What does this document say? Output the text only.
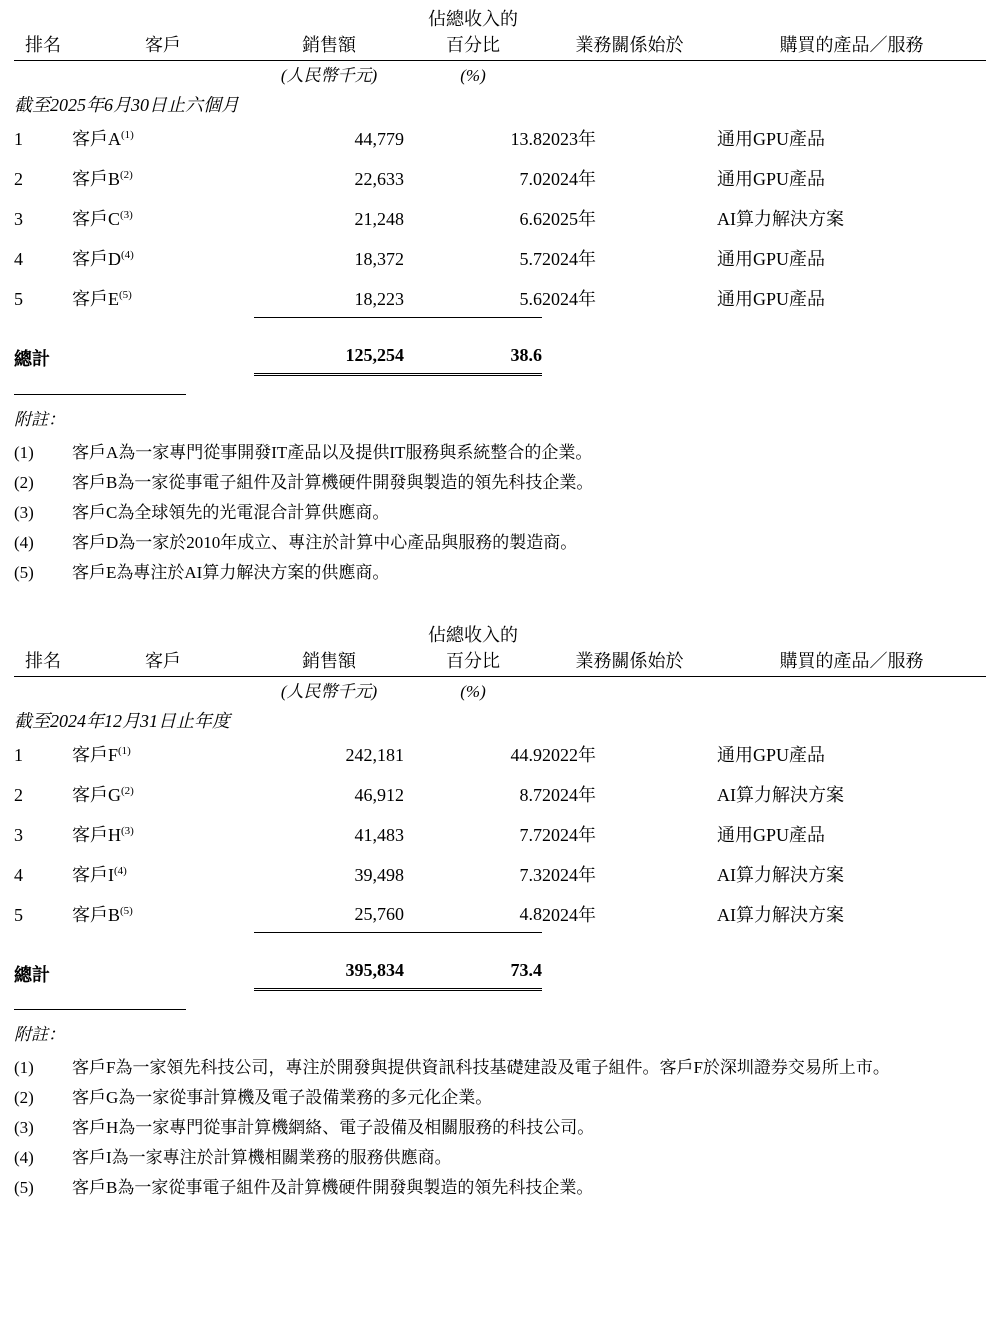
			佔總收入的		
排名	客戶	銷售額	百分比	業務關係始於	購買的產品／服務
		(人民幣千元)	(%)		
截至2025年6月30日止六個月					
1	客戶$A^{(1)}$	44,779	13.8	2023年	通用GPU產品
2	客戶$B^{(2)}$	22,633	7.0	2024年	通用GPU產品
3	客戶$C^{(3)}$	21,248	6.6	2025年	AI算力解決方案
4	客戶$D^{(4)}$	18,372	5.7	2024年	通用GPU產品
5	客戶$E^{(5)}$	18,223	5.6	2024年	通用GPU產品
總計		125,254	38.6		
附註：
(1)	客戶A為一家專門從事開發IT產品以及提供IT服務與系統整合的企業。
(2)	客戶B為一家從事電子組件及計算機硬件開發與製造的領先科技企業。
(3)	客戶C為全球領先的光電混合計算供應商。
(4)	客戶D為一家於2010年成立、專注於計算中心產品與服務的製造商。
(5)	客戶E為專注於AI算力解決方案的供應商。
			佔總收入的		
排名	客戶	銷售額	百分比	業務關係始於	購買的產品／服務
		(人民幣千元)	(%)		
截至2024年12月31日止年度					
1	客戶$F^{(1)}$	242,181	44.9	2022年	通用GPU產品
2	客戶$G^{(2)}$	46,912	8.7	2024年	AI算力解決方案
3	客戶$H^{(3)}$	41,483	7.7	2024年	通用GPU產品
4	客戶$I^{(4)}$	39,498	7.3	2024年	AI算力解決方案
5	客戶$B^{(5)}$	25,760	4.8	2024年	AI算力解決方案
總計		395,834	73.4		
附註：
(1)	客戶F為一家領先科技公司，專注於開發與提供資訊科技基礎建設及電子組件。客戶F於深圳證券交易所上市。
(2)	客戶G為一家從事計算機及電子設備業務的多元化企業。
(3)	客戶H為一家專門從事計算機網絡、電子設備及相關服務的科技公司。
(4)	客戶I為一家專注於計算機相關業務的服務供應商。
(5)	客戶B為一家從事電子組件及計算機硬件開發與製造的領先科技企業。
